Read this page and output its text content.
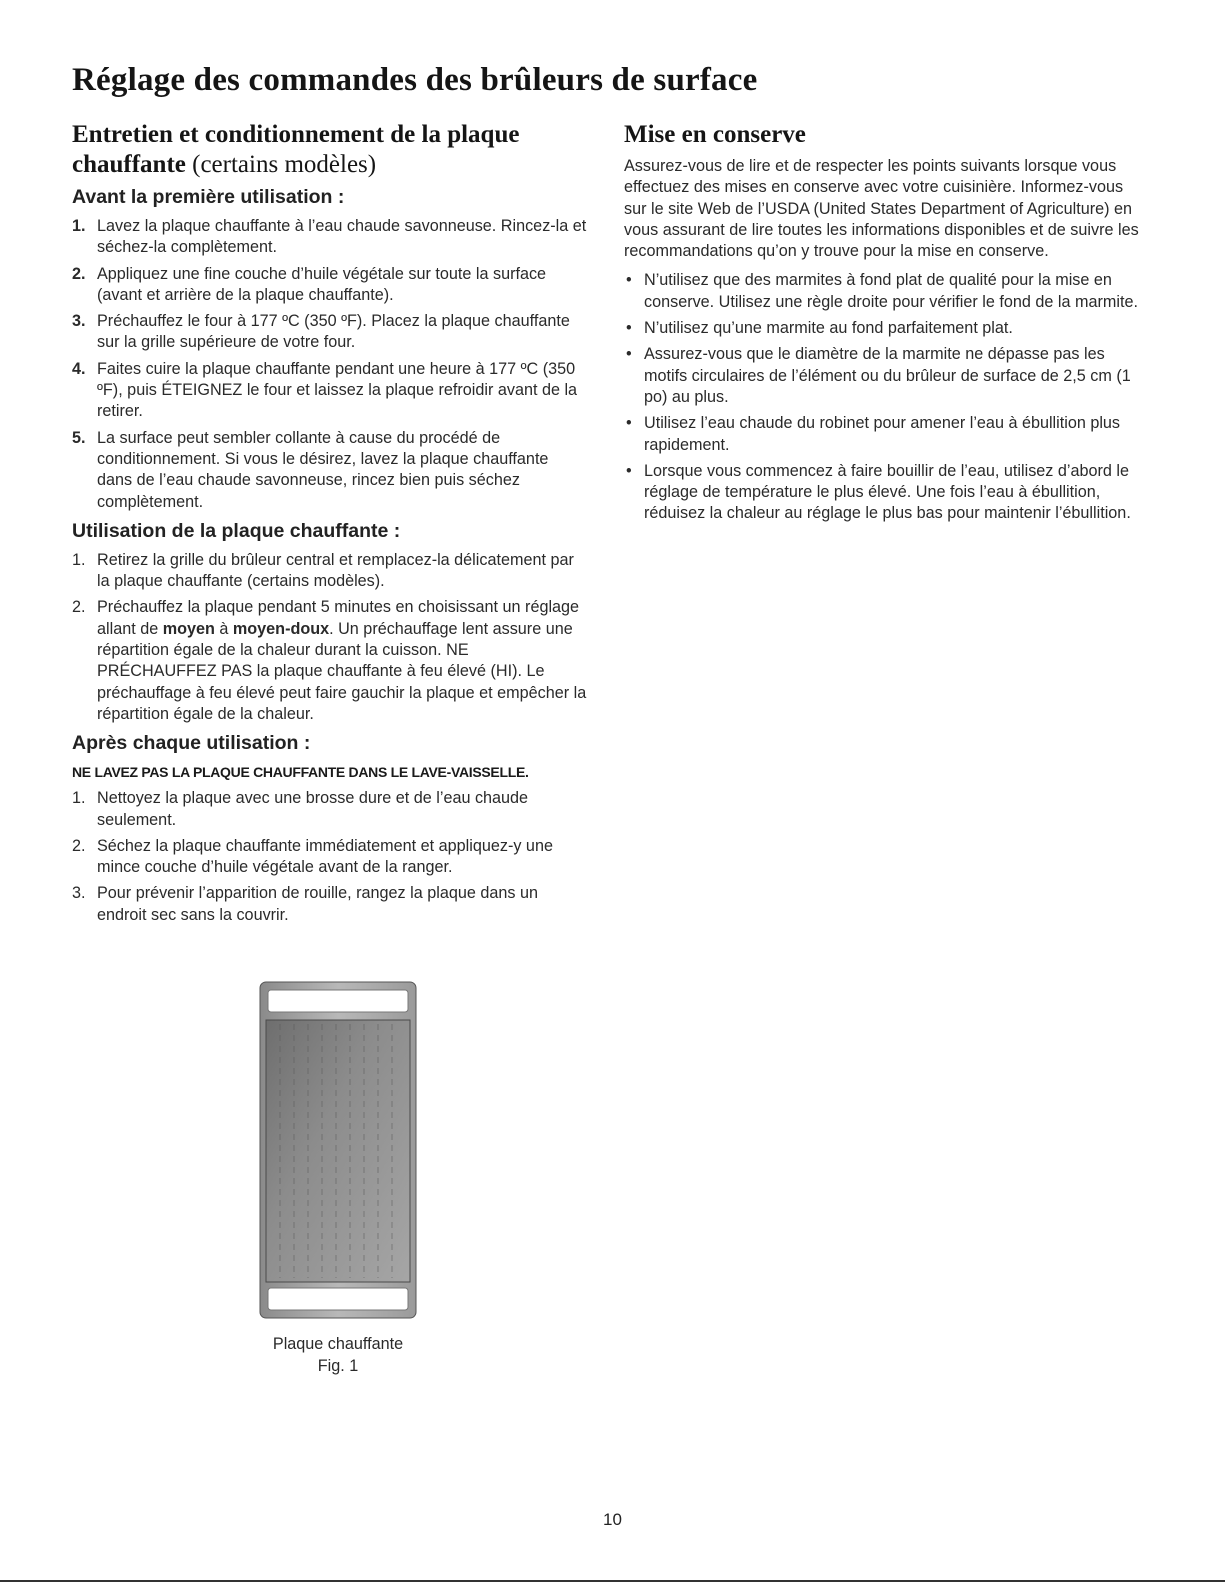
Réglage des commandes des brûleurs de surface
Entretien et conditionnement de la plaque chauffante (certains modèles)
Avant la première utilisation :
1. Lavez la plaque chauffante à l’eau chaude savonneuse. Rincez-la et séchez-la complètement.
2. Appliquez une fine couche d’huile végétale sur toute la surface (avant et arrière de la plaque chauffante).
3. Préchauffez le four à 177 ºC (350 ºF). Placez la plaque chauffante sur la grille supérieure de votre four.
4. Faites cuire la plaque chauffante pendant une heure à 177 ºC (350 ºF), puis ÉTEIGNEZ le four et laissez la plaque refroidir avant de la retirer.
5. La surface peut sembler collante à cause du procédé de conditionnement. Si vous le désirez, lavez la plaque chauffante dans de l’eau chaude savonneuse, rincez bien puis séchez complètement.
Utilisation de la plaque chauffante :
1. Retirez la grille du brûleur central et remplacez-la délicatement par la plaque chauffante (certains modèles).
2. Préchauffez la plaque pendant 5 minutes en choisissant un réglage allant de moyen à moyen-doux. Un préchauffage lent assure une répartition égale de la chaleur durant la cuisson. NE PRÉCHAUFFEZ PAS la plaque chauffante à feu élevé (HI). Le préchauffage à feu élevé peut faire gauchir la plaque et empêcher la répartition égale de la chaleur.
Après chaque utilisation :

NE LAVEZ PAS LA PLAQUE CHAUFFANTE DANS LE LAVE-VAISSELLE.

1. Nettoyez la plaque avec une brosse dure et de l’eau chaude seulement.
2. Séchez la plaque chauffante immédiatement et appliquez-y une mince couche d’huile végétale avant de la ranger.
3. Pour prévenir l’apparition de rouille, rangez la plaque dans un endroit sec sans la couvrir.
Plaque chauffante
Fig. 1
Mise en conserve

Assurez-vous de lire et de respecter les points suivants lorsque vous effectuez des mises en conserve avec votre cuisinière. Informez-vous sur le site Web de l’USDA (United States Department of Agriculture) en vous assurant de lire toutes les informations disponibles et de suivre les recommandations qu’on y trouve pour la mise en conserve.

• N’utilisez que des marmites à fond plat de qualité pour la mise en conserve. Utilisez une règle droite pour vérifier le fond de la marmite.
• N’utilisez qu’une marmite au fond parfaitement plat.
• Assurez-vous que le diamètre de la marmite ne dépasse pas les motifs circulaires de l’élément ou du brûleur de surface de 2,5 cm (1 po) au plus.
• Utilisez l’eau chaude du robinet pour amener l’eau à ébullition plus rapidement.
• Lorsque vous commencez à faire bouillir de l’eau, utilisez d’abord le réglage de température le plus élevé. Une fois l’eau à ébullition, réduisez la chaleur au réglage le plus bas pour maintenir l’ébullition.
10
